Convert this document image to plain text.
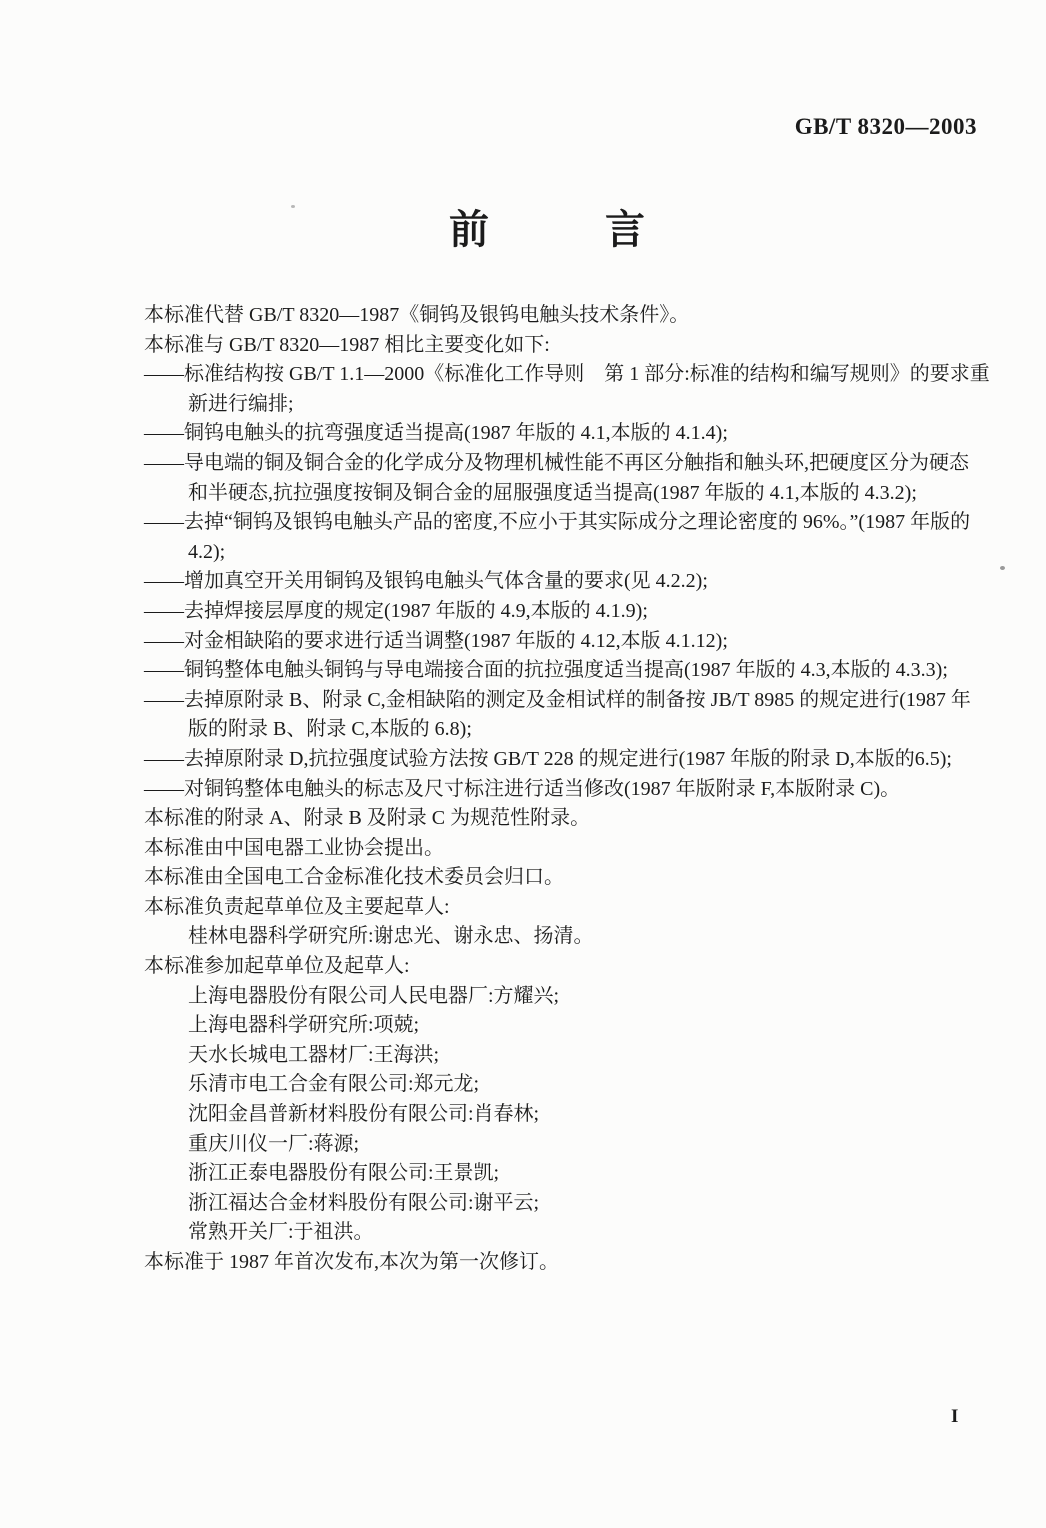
GB/T 8320—2003
前　　言
本标准代替 GB/T 8320—1987《铜钨及银钨电触头技术条件》。
本标准与 GB/T 8320—1987 相比主要变化如下:
——标准结构按 GB/T 1.1—2000《标准化工作导则　第 1 部分:标准的结构和编写规则》的要求重
新进行编排;
——铜钨电触头的抗弯强度适当提高(1987 年版的 4.1,本版的 4.1.4);
——导电端的铜及铜合金的化学成分及物理机械性能不再区分触指和触头环,把硬度区分为硬态
和半硬态,抗拉强度按铜及铜合金的屈服强度适当提高(1987 年版的 4.1,本版的 4.3.2);
——去掉“铜钨及银钨电触头产品的密度,不应小于其实际成分之理论密度的 96%。”(1987 年版的
4.2);
——增加真空开关用铜钨及银钨电触头气体含量的要求(见 4.2.2);
——去掉焊接层厚度的规定(1987 年版的 4.9,本版的 4.1.9);
——对金相缺陷的要求进行适当调整(1987 年版的 4.12,本版 4.1.12);
——铜钨整体电触头铜钨与导电端接合面的抗拉强度适当提高(1987 年版的 4.3,本版的 4.3.3);
——去掉原附录 B、附录 C,金相缺陷的测定及金相试样的制备按 JB/T 8985 的规定进行(1987 年
版的附录 B、附录 C,本版的 6.8);
——去掉原附录 D,抗拉强度试验方法按 GB/T 228 的规定进行(1987 年版的附录 D,本版的6.5);
——对铜钨整体电触头的标志及尺寸标注进行适当修改(1987 年版附录 F,本版附录 C)。
本标准的附录 A、附录 B 及附录 C 为规范性附录。
本标准由中国电器工业协会提出。
本标准由全国电工合金标准化技术委员会归口。
本标准负责起草单位及主要起草人:
桂林电器科学研究所:谢忠光、谢永忠、扬清。
本标准参加起草单位及起草人:
上海电器股份有限公司人民电器厂:方耀兴;
上海电器科学研究所:项兢;
天水长城电工器材厂:王海洪;
乐清市电工合金有限公司:郑元龙;
沈阳金昌普新材料股份有限公司:肖春林;
重庆川仪一厂:蒋源;
浙江正泰电器股份有限公司:王景凯;
浙江福达合金材料股份有限公司:谢平云;
常熟开关厂:于祖洪。
本标准于 1987 年首次发布,本次为第一次修订。
I
